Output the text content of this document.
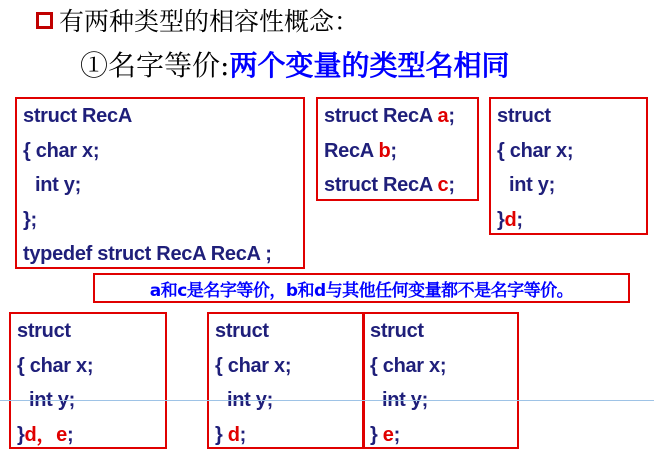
有两种类型的相容性概念：
①名字等价: 两个变量的类型名相同
struct RecA
{ char x;
int y;
};
typedef struct RecA RecA ;
struct RecA a;
RecA b;
struct RecA c;
struct
{ char x;
int y;
}d;
a和c是名字等价，b和d与其他任何变量都不是名字等价。
struct
{ char x;
int y;
}d，e;
struct
{ char x;
int y;
} d;
struct
{ char x;
int y;
} e;
